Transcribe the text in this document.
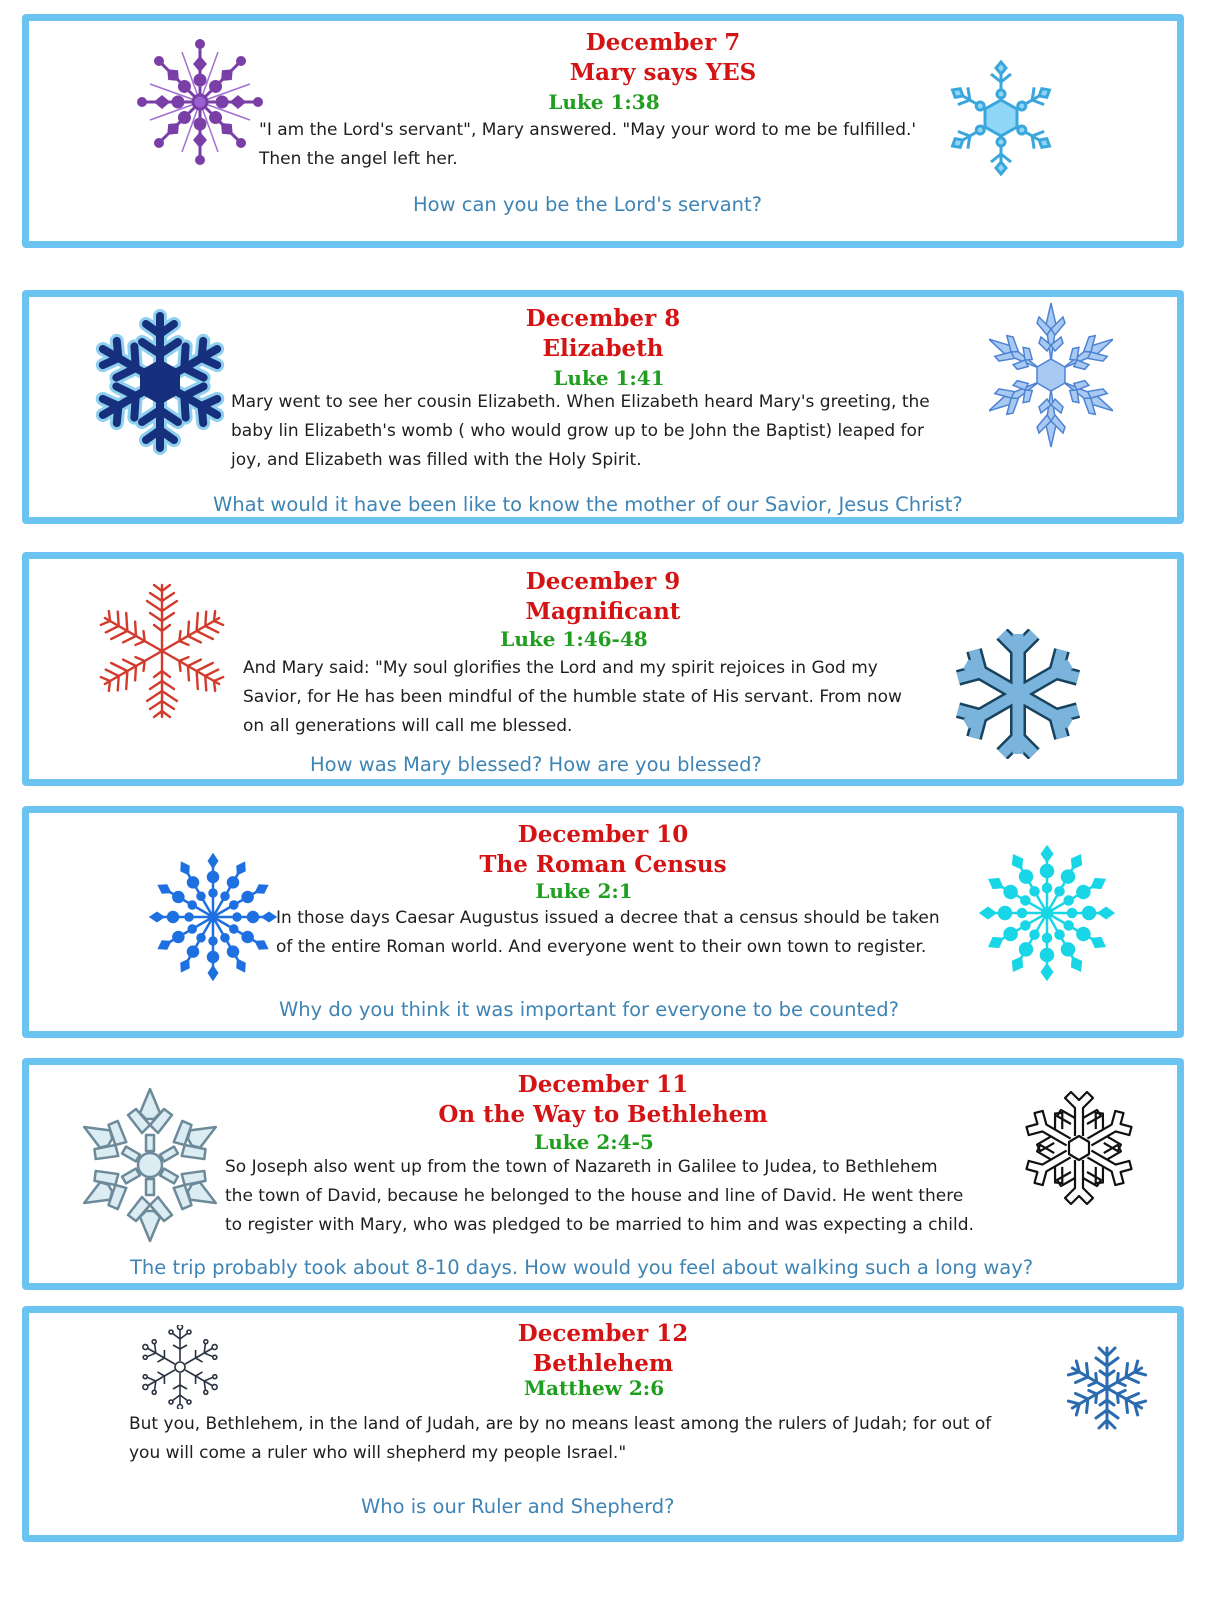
December 7
Mary says YES
Luke 1:38
"I am the Lord's servant", Mary answered. "May your word to me be fulfilled.'
Then the angel left her.
How can you be the Lord's servant?
December 8
Elizabeth
Luke 1:41
Mary went to see her cousin Elizabeth. When Elizabeth heard Mary's greeting, the
baby lin Elizabeth's womb ( who would grow up to be John the Baptist) leaped for
joy, and Elizabeth was filled with the Holy Spirit.
What would it have been like to know the mother of our Savior, Jesus Christ?
December 9
Magnificant
Luke 1:46-48
And Mary said: "My soul glorifies the Lord and my spirit rejoices in God my
Savior, for He has been mindful of the humble state of His servant. From now
on all generations will call me blessed.
How was Mary blessed? How are you blessed?
December 10
The Roman Census
Luke 2:1
In those days Caesar Augustus issued a decree that a census should be taken
of the entire Roman world. And everyone went to their own town to register.
Why do you think it was important for everyone to be counted?
December 11
On the Way to Bethlehem
Luke 2:4-5
So Joseph also went up from the town of Nazareth in Galilee to Judea, to Bethlehem
the town of David, because he belonged to the house and line of David. He went there
to register with Mary, who was pledged to be married to him and was expecting a child.
The trip probably took about 8-10 days. How would you feel about walking such a long way?
December 12
Bethlehem
Matthew 2:6
But you, Bethlehem, in the land of Judah, are by no means least among the rulers of Judah; for out of
you will come a ruler who will shepherd my people Israel."
Who is our Ruler and Shepherd?
